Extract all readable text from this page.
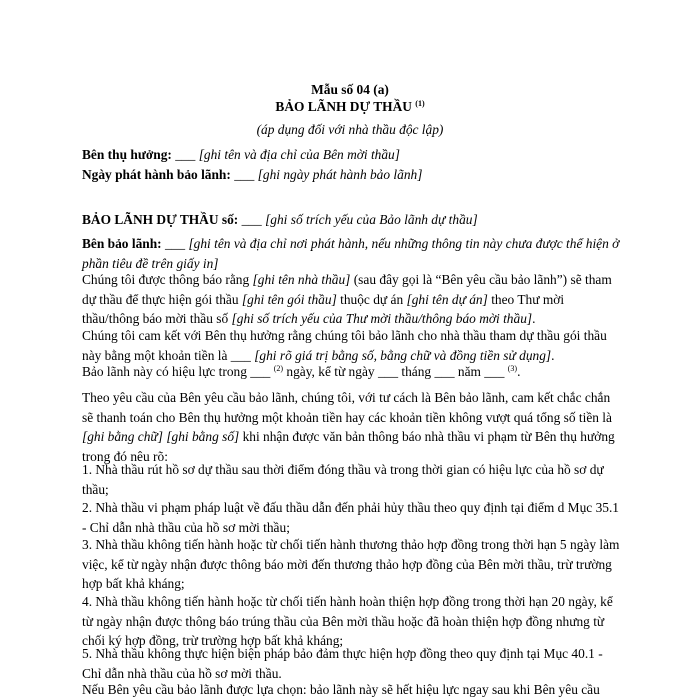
Mẫu số 04 (a)

BẢO LÃNH DỰ THẦU $^{(1)}$

(áp dụng đối với nhà thầu độc lập)

Bên thụ hưởng: ___ [ghi tên và địa chỉ của Bên mời thầu]

Ngày phát hành bảo lãnh: ___ [ghi ngày phát hành bảo lãnh]

BẢO LÃNH DỰ THẦU số: ___ [ghi số trích yếu của Bảo lãnh dự thầu]

Bên bảo lãnh: ___ [ghi tên và địa chỉ nơi phát hành, nếu những thông tin này chưa được thể hiện ở phần tiêu đề trên giấy in]

Chúng tôi được thông báo rằng [ghi tên nhà thầu] (sau đây gọi là “Bên yêu cầu bảo lãnh”) sẽ tham dự thầu để thực hiện gói thầu [ghi tên gói thầu] thuộc dự án [ghi tên dự án] theo Thư mời thầu/thông báo mời thầu số [ghi số trích yếu của Thư mời thầu/thông báo mời thầu].

Chúng tôi cam kết với Bên thụ hưởng rằng chúng tôi bảo lãnh cho nhà thầu tham dự thầu gói thầu này bằng một khoản tiền là ___ [ghi rõ giá trị bằng số, bằng chữ và đồng tiền sử dụng].

Bảo lãnh này có hiệu lực trong ___ $^{(2)}$ ngày, kể từ ngày ___ tháng ___ năm ___ $^{(3)}$.

Theo yêu cầu của Bên yêu cầu bảo lãnh, chúng tôi, với tư cách là Bên bảo lãnh, cam kết chắc chắn sẽ thanh toán cho Bên thụ hưởng một khoản tiền hay các khoản tiền không vượt quá tổng số tiền là [ghi bằng chữ] [ghi bằng số] khi nhận được văn bản thông báo nhà thầu vi phạm từ Bên thụ hưởng trong đó nêu rõ:

1. Nhà thầu rút hồ sơ dự thầu sau thời điểm đóng thầu và trong thời gian có hiệu lực của hồ sơ dự thầu;

2. Nhà thầu vi phạm pháp luật về đấu thầu dẫn đến phải hủy thầu theo quy định tại điểm d Mục 35.1 - Chỉ dẫn nhà thầu của hồ sơ mời thầu;

3. Nhà thầu không tiến hành hoặc từ chối tiến hành thương thảo hợp đồng trong thời hạn 5 ngày làm việc, kể từ ngày nhận được thông báo mời đến thương thảo hợp đồng của Bên mời thầu, trừ trường hợp bất khả kháng;

4. Nhà thầu không tiến hành hoặc từ chối tiến hành hoàn thiện hợp đồng trong thời hạn 20 ngày, kể từ ngày nhận được thông báo trúng thầu của Bên mời thầu hoặc đã hoàn thiện hợp đồng nhưng từ chối ký hợp đồng, trừ trường hợp bất khả kháng;

5. Nhà thầu không thực hiện biện pháp bảo đảm thực hiện hợp đồng theo quy định tại Mục 40.1 - Chỉ dẫn nhà thầu của hồ sơ mời thầu.

Nếu Bên yêu cầu bảo lãnh được lựa chọn: bảo lãnh này sẽ hết hiệu lực ngay sau khi Bên yêu cầu
